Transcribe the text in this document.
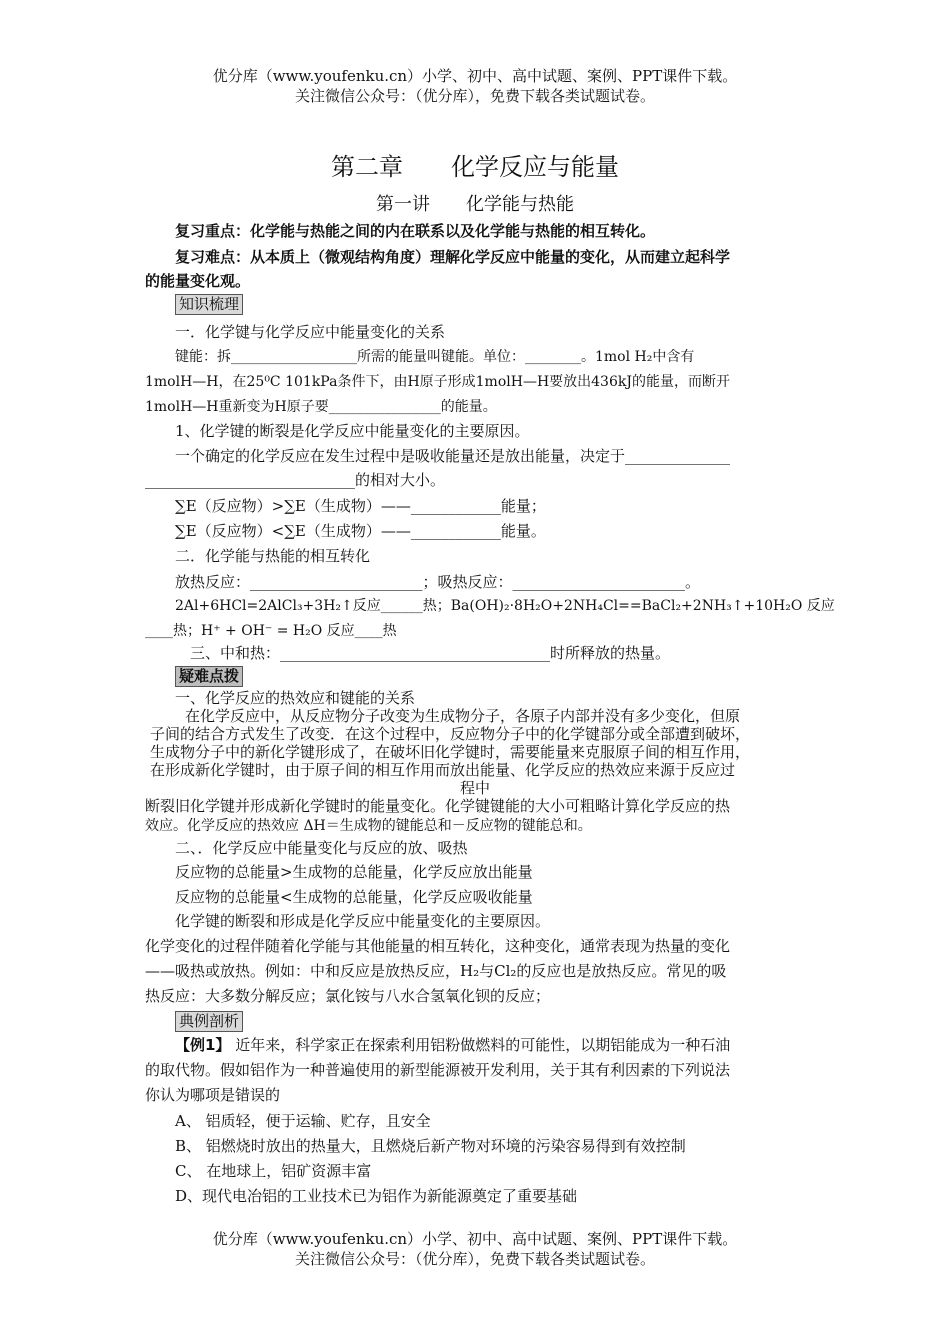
优分库（www.youfenku.cn）小学、初中、高中试题、案例、PPT课件下载。
关注微信公众号：（优分库），免费下载各类试题试卷。
第二章　　化学反应与能量
第一讲　　化学能与热能
复习重点：化学能与热能之间的内在联系以及化学能与热能的相互转化。
复习难点：从本质上（微观结构角度）理解化学反应中能量的变化，从而建立起科学
的能量变化观。
知识梳理
一．化学键与化学反应中能量变化的关系
键能：拆__________________所需的能量叫键能。单位：________。1mol H₂中含有
1molH—H，在25⁰C 101kPa条件下，由H原子形成1molH—H要放出436kJ的能量，而断开
1molH—H重新变为H原子要________________的能量。
1、化学键的断裂是化学反应中能量变化的主要原因。
一个确定的化学反应在发生过程中是吸收能量还是放出能量，决定于______________
____________________________的相对大小。
∑E（反应物）>∑E（生成物）——____________能量；
∑E（反应物）<∑E（生成物）——____________能量。
二．化学能与热能的相互转化
放热反应：_______________________；吸热反应：_______________________。
2Al+6HCl=2AlCl₃+3H₂↑反应______热；Ba(OH)₂·8H₂O+2NH₄Cl==BaCl₂+2NH₃↑+10H₂O 反应
____热；H⁺ + OH⁻ = H₂O 反应____热
三、中和热：____________________________________时所释放的热量。
疑难点拨
一、化学反应的热效应和键能的关系
在化学反应中，从反应物分子改变为生成物分子，各原子内部并没有多少变化，但原
子间的结合方式发生了改变．在这个过程中，反应物分子中的化学键部分或全部遭到破坏，
生成物分子中的新化学键形成了，在破坏旧化学键时，需要能量来克服原子间的相互作用，
在形成新化学键时，由于原子间的相互作用而放出能量、化学反应的热效应来源于反应过
程中
断裂旧化学键并形成新化学键时的能量变化。化学键键能的大小可粗略计算化学反应的热
效应。化学反应的热效应 ΔH＝生成物的键能总和－反应物的键能总和。
二、．化学反应中能量变化与反应的放、吸热
反应物的总能量>生成物的总能量，化学反应放出能量
反应物的总能量<生成物的总能量，化学反应吸收能量
化学键的断裂和形成是化学反应中能量变化的主要原因。
化学变化的过程伴随着化学能与其他能量的相互转化，这种变化，通常表现为热量的变化
——吸热或放热。例如：中和反应是放热反应，H₂与Cl₂的反应也是放热反应。常见的吸
热反应：大多数分解反应；氯化铵与八水合氢氧化钡的反应；
典例剖析
【例1】 近年来，科学家正在探索利用铝粉做燃料的可能性，以期铝能成为一种石油
的取代物。假如铝作为一种普遍使用的新型能源被开发利用，关于其有利因素的下列说法
你认为哪项是错误的
A、 铝质轻，便于运输、贮存，且安全
B、 铝燃烧时放出的热量大，且燃烧后新产物对环境的污染容易得到有效控制
C、 在地球上，铝矿资源丰富
D、现代电冶铝的工业技术已为铝作为新能源奠定了重要基础
优分库（www.youfenku.cn）小学、初中、高中试题、案例、PPT课件下载。
关注微信公众号：（优分库），免费下载各类试题试卷。
